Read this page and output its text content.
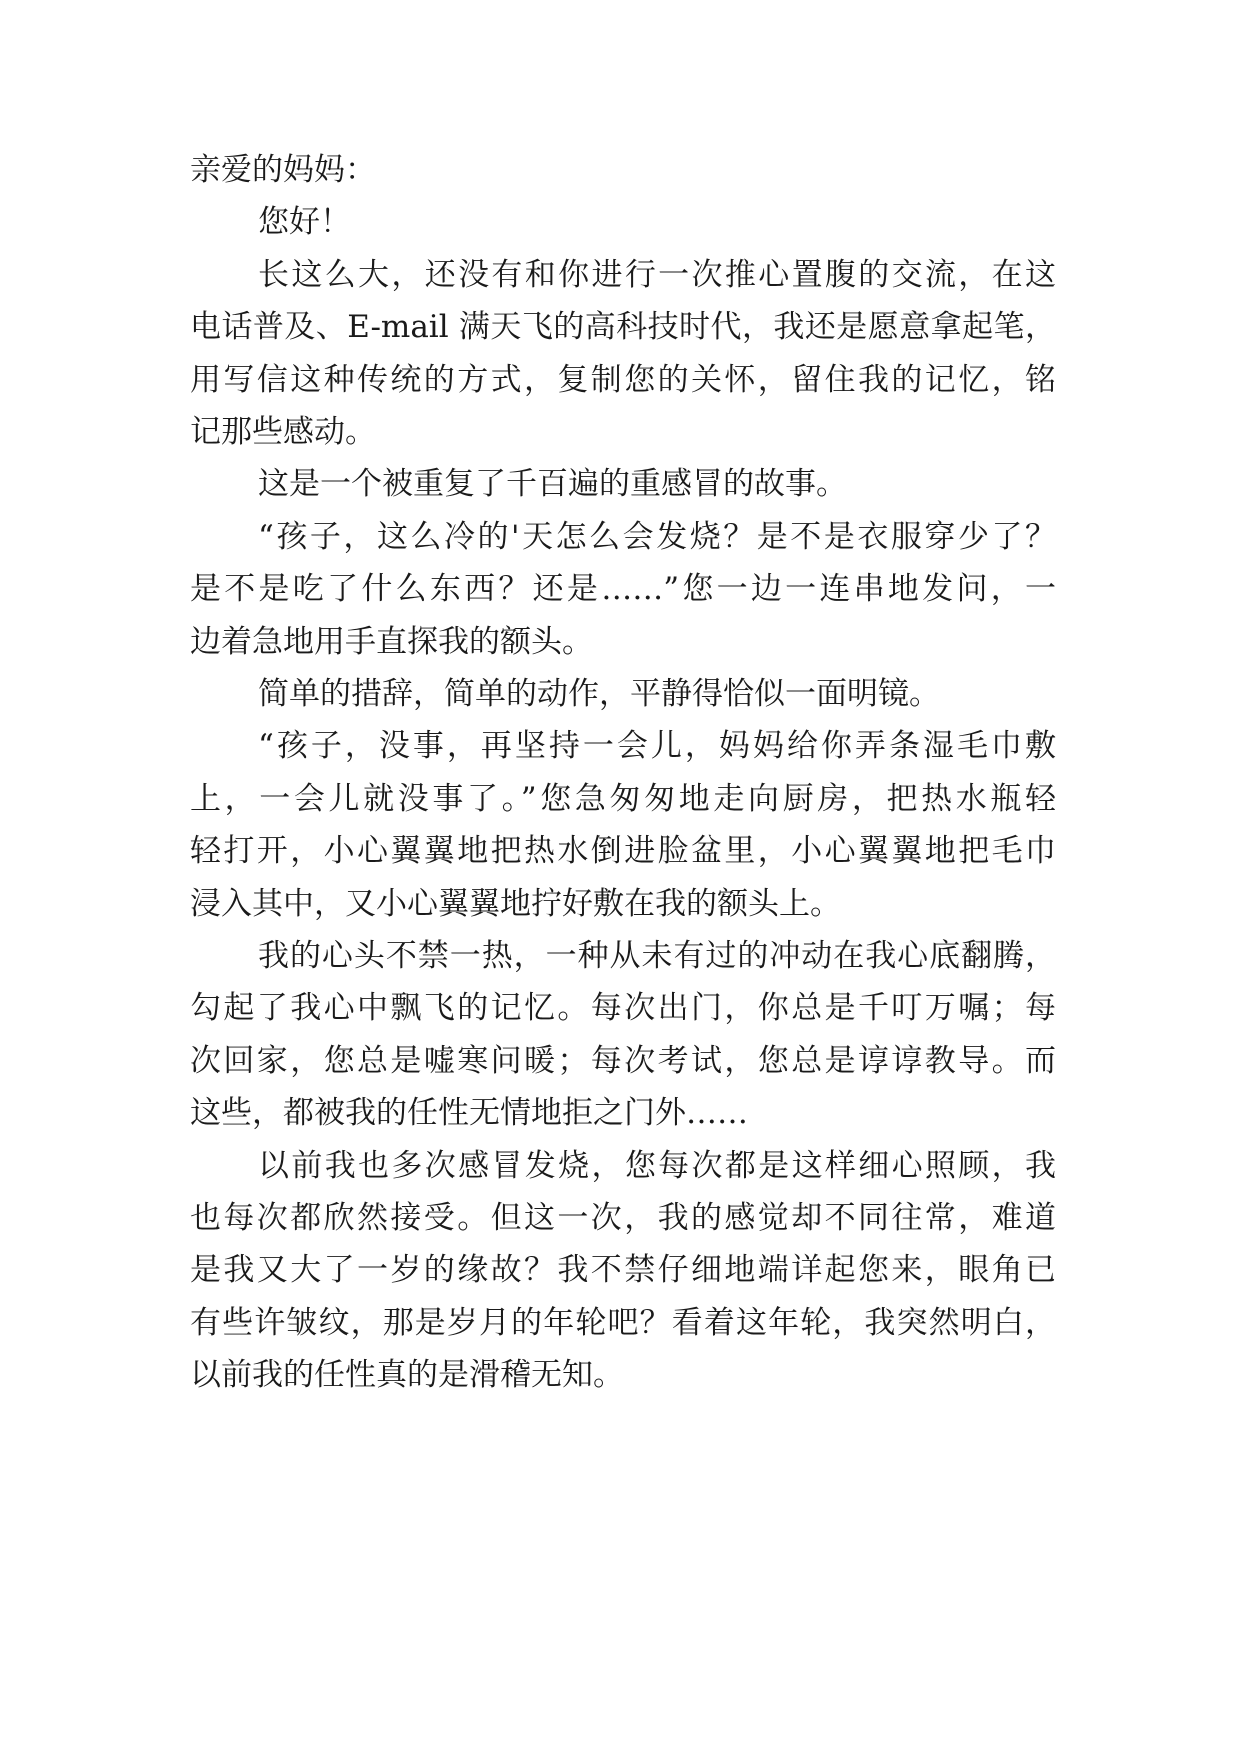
亲爱的妈妈：
您好！
长这么大，还没有和你进行一次推心置腹的交流，在这
电话普及、E-mail 满天飞的高科技时代，我还是愿意拿起笔，
用写信这种传统的方式，复制您的关怀，留住我的记忆，铭
记那些感动。
这是一个被重复了千百遍的重感冒的故事。
“孩子，这么冷的'天怎么会发烧？是不是衣服穿少了？
是不是吃了什么东西？还是……”您一边一连串地发问，一
边着急地用手直探我的额头。
简单的措辞，简单的动作，平静得恰似一面明镜。
“孩子，没事，再坚持一会儿，妈妈给你弄条湿毛巾敷
上，一会儿就没事了。”您急匆匆地走向厨房，把热水瓶轻
轻打开，小心翼翼地把热水倒进脸盆里，小心翼翼地把毛巾
浸入其中，又小心翼翼地拧好敷在我的额头上。
我的心头不禁一热，一种从未有过的冲动在我心底翻腾，
勾起了我心中飘飞的记忆。每次出门，你总是千叮万嘱；每
次回家，您总是嘘寒问暖；每次考试，您总是谆谆教导。而
这些，都被我的任性无情地拒之门外……
以前我也多次感冒发烧，您每次都是这样细心照顾，我
也每次都欣然接受。但这一次，我的感觉却不同往常，难道
是我又大了一岁的缘故？我不禁仔细地端详起您来，眼角已
有些许皱纹，那是岁月的年轮吧？看着这年轮，我突然明白，
以前我的任性真的是滑稽无知。
